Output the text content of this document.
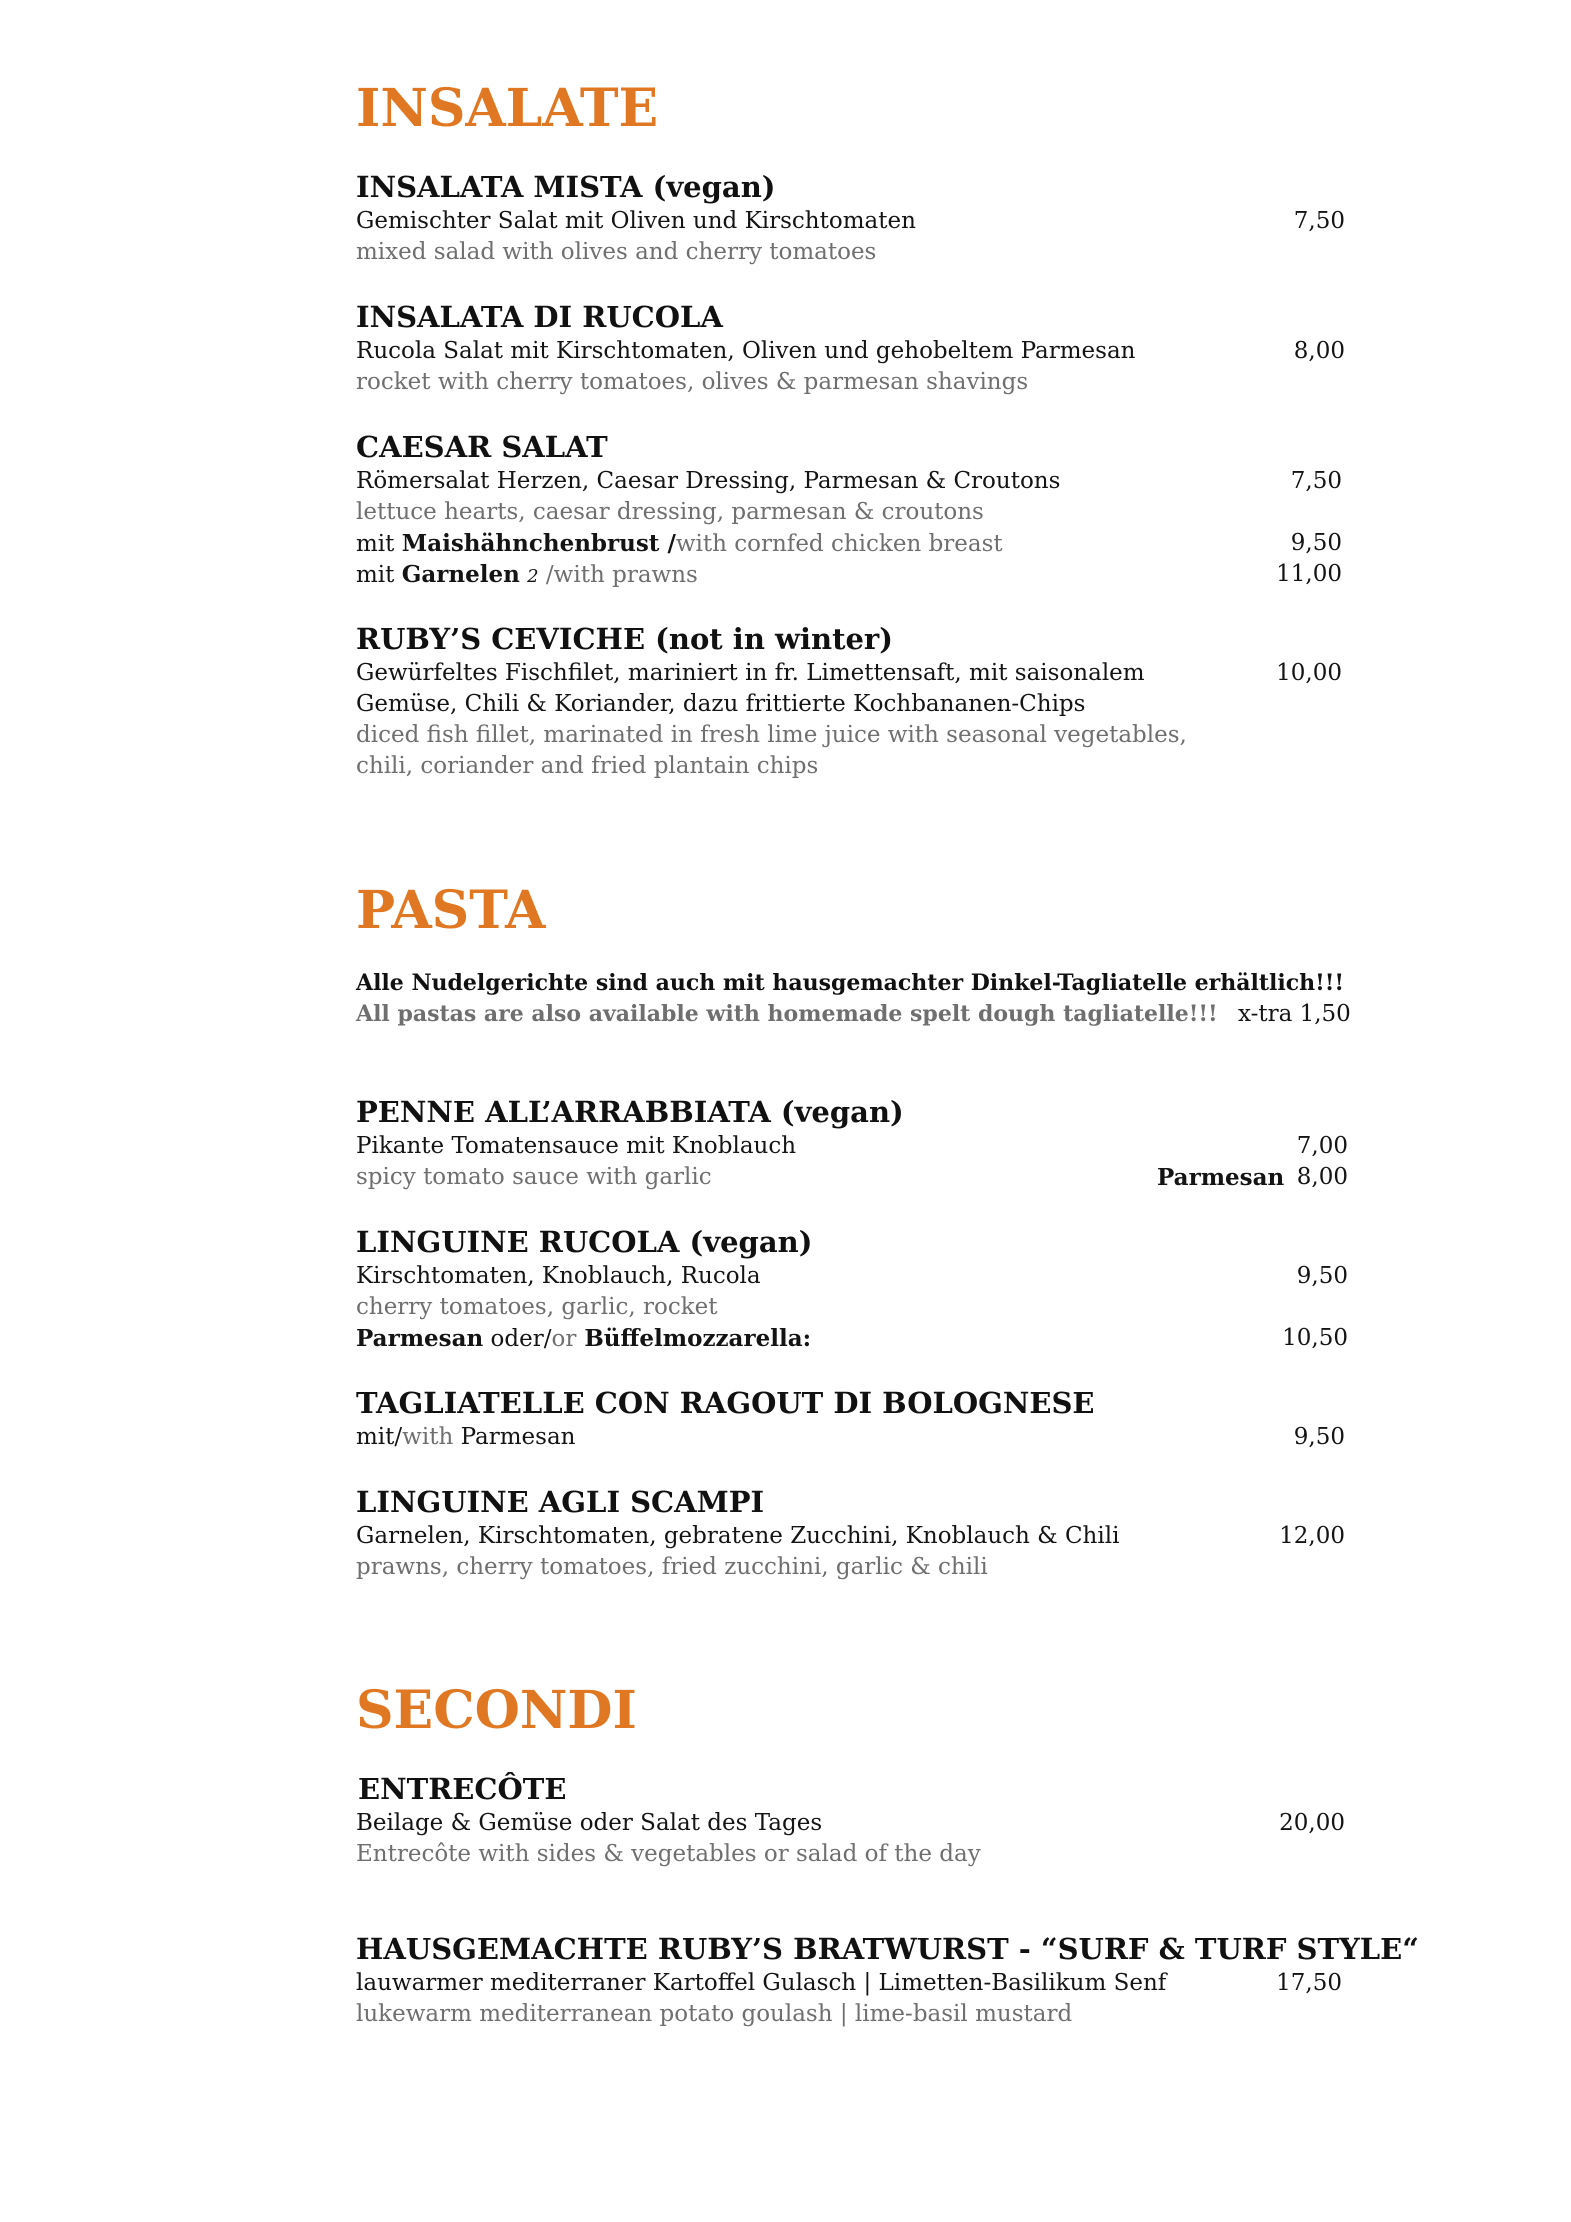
INSALATE
INSALATA MISTA (vegan)
Gemischter Salat mit Oliven und Kirschtomaten	7,50
mixed salad with olives and cherry tomatoes
INSALATA DI RUCOLA
Rucola Salat mit Kirschtomaten, Oliven und gehobeltem Parmesan	8,00
rocket with cherry tomatoes, olives & parmesan shavings
CAESAR SALAT
Römersalat Herzen, Caesar Dressing, Parmesan & Croutons	7,50
lettuce hearts, caesar dressing, parmesan & croutons
mit Maishähnchenbrust /with cornfed chicken breast	9,50
mit Garnelen 2 /with prawns	11,00
RUBY’S CEVICHE (not in winter)
Gewürfeltes Fischfilet, mariniert in fr. Limettensaft, mit saisonalem	10,00
Gemüse, Chili & Koriander, dazu frittierte Kochbananen-Chips
diced fish fillet, marinated in fresh lime juice with seasonal vegetables,
chili, coriander and fried plantain chips
PASTA
Alle Nudelgerichte sind auch mit hausgemachter Dinkel-Tagliatelle erhältlich!!!
All pastas are also available with homemade spelt dough tagliatelle!!! x-tra 1,50
PENNE ALL’ARRABBIATA (vegan)
Pikante Tomatensauce mit Knoblauch	7,00
spicy tomato sauce with garlic	Parmesan 8,00
LINGUINE RUCOLA (vegan)
Kirschtomaten, Knoblauch, Rucola	9,50
cherry tomatoes, garlic, rocket
Parmesan oder/or Büffelmozzarella:	10,50
TAGLIATELLE CON RAGOUT DI BOLOGNESE
mit/with Parmesan	9,50
LINGUINE AGLI SCAMPI
Garnelen, Kirschtomaten, gebratene Zucchini, Knoblauch & Chili	12,00
prawns, cherry tomatoes, fried zucchini, garlic & chili
SECONDI
ENTRECÔTE
Beilage & Gemüse oder Salat des Tages	20,00
Entrecôte with sides & vegetables or salad of the day
HAUSGEMACHTE RUBY’S BRATWURST - “SURF & TURF STYLE“
lauwarmer mediterraner Kartoffel Gulasch | Limetten-Basilikum Senf	17,50
lukewarm mediterranean potato goulash | lime-basil mustard
